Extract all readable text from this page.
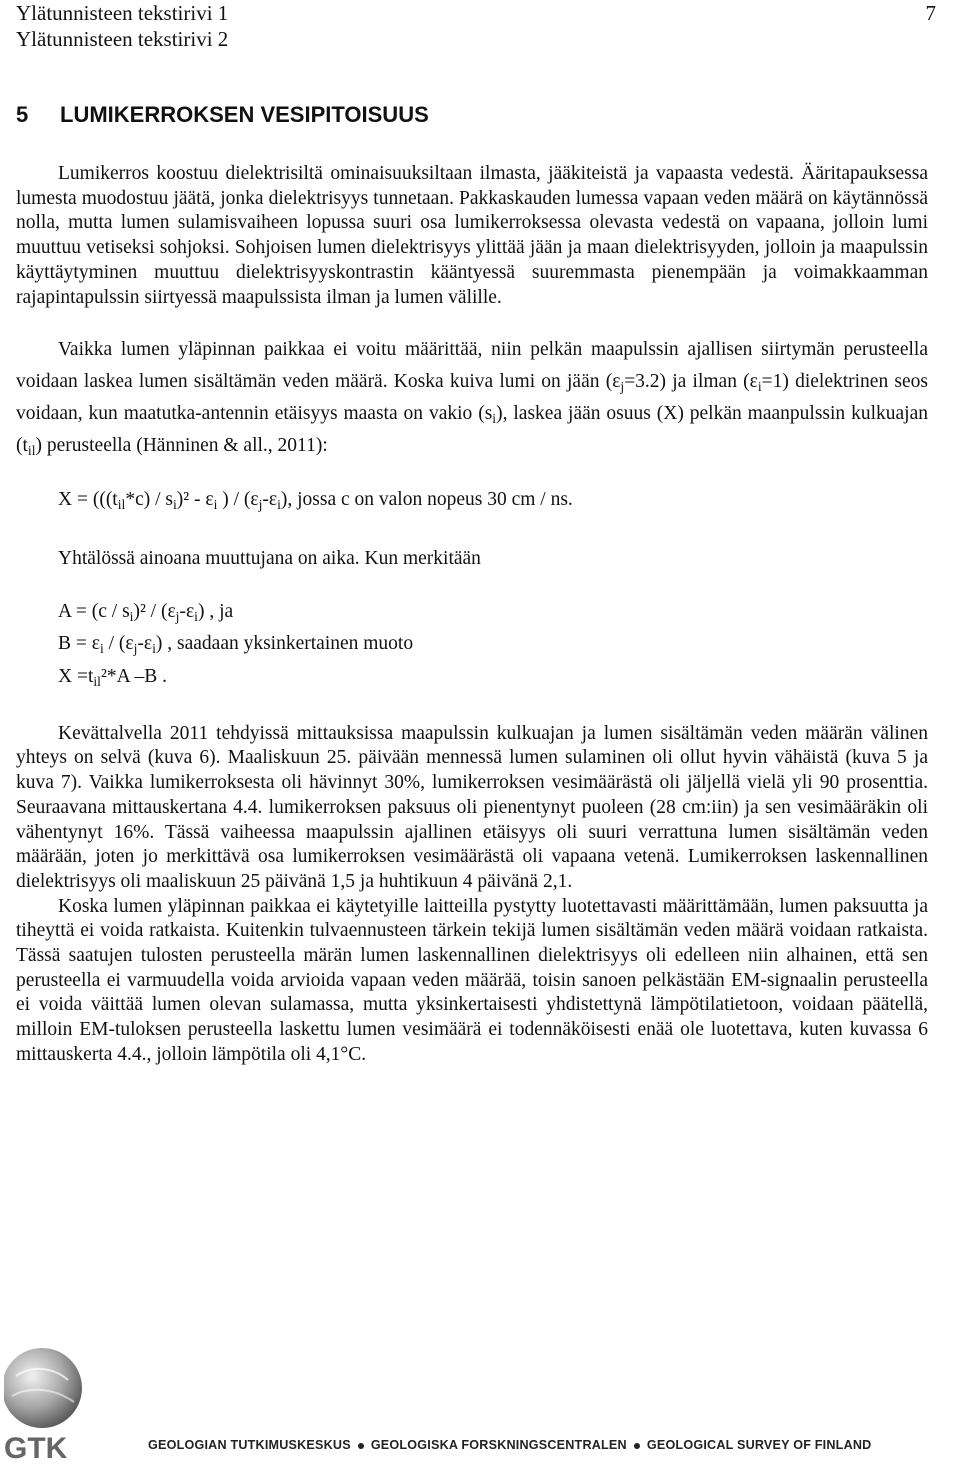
Ylätunnisteen tekstirivi 1
Ylätunnisteen tekstirivi 2
7
5 LUMIKERROKSEN VESIPITOISUUS

Lumikerros koostuu dielektrisiltä ominaisuuksiltaan ilmasta, jääkiteistä ja vapaasta vedestä. Ääritapauksessa lumesta muodostuu jäätä, jonka dielektrisyys tunnetaan. Pakkaskauden lumessa vapaan veden määrä on käytännössä nolla, mutta lumen sulamisvaiheen lopussa suuri osa lumikerroksessa olevasta vedestä on vapaana, jolloin lumi muuttuu vetiseksi sohjoksi. Sohjoisen lumen dielektrisyys ylittää jään ja maan dielektrisyyden, jolloin ja maapulssin käyttäytyminen muuttuu dielektrisyyskontrastin kääntyessä suuremmasta pienempään ja voimakkaamman rajapintapulssin siirtyessä maapulssista ilman ja lumen välille.

Vaikka lumen yläpinnan paikkaa ei voitu määrittää, niin pelkän maapulssin ajallisen siirtymän perusteella voidaan laskea lumen sisältämän veden määrä. Koska kuiva lumi on jään $(\varepsilon_j=3.2)$ ja ilman $(\varepsilon_i=1)$ dielektrinen seos voidaan, kun maatutka-antennin etäisyys maasta on vakio $(s_i)$, laskea jään osuus (X) pelkän maanpulssin kulkuajan $(t_{il})$ perusteella (Hänninen & all., 2011):

$X = (((t_{il}*c) / s_i)^2 - \varepsilon_i$ ) / $(\varepsilon_j-\varepsilon_i)$, jossa c on valon nopeus 30 cm / ns.

Yhtälössä ainoana muuttujana on aika. Kun merkitään

$A = (c / s_i)^2 / (\varepsilon_j-\varepsilon_i)$ , ja

$B = \varepsilon_i / (\varepsilon_j-\varepsilon_i)$ , saadaan yksinkertainen muoto

$X =t_{il}^2*A$ –B .

Kevättalvella 2011 tehdyissä mittauksissa maapulssin kulkuajan ja lumen sisältämän veden määrän välinen yhteys on selvä (kuva 6). Maaliskuun 25. päivään mennessä lumen sulaminen oli ollut hyvin vähäistä (kuva 5 ja kuva 7). Vaikka lumikerroksesta oli hävinnyt 30%, lumikerroksen vesimäärästä oli jäljellä vielä yli 90 prosenttia. Seuraavana mittauskertana 4.4. lumikerroksen paksuus oli pienentynyt puoleen (28 cm:iin) ja sen vesimääräkin oli vähentynyt 16%. Tässä vaiheessa maapulssin ajallinen etäisyys oli suuri verrattuna lumen sisältämän veden määrään, joten jo merkittävä osa lumikerroksen vesimäärästä oli vapaana vetenä. Lumikerroksen laskennallinen dielektrisyys oli maaliskuun 25 päivänä 1,5 ja huhtikuun 4 päivänä 2,1.

Koska lumen yläpinnan paikkaa ei käytetyille laitteilla pystytty luotettavasti määrittämään, lumen paksuutta ja tiheyttä ei voida ratkaista. Kuitenkin tulvaennusteen tärkein tekijä lumen sisältämän veden määrä voidaan ratkaista. Tässä saatujen tulosten perusteella märän lumen laskennallinen dielektrisyys oli edelleen niin alhainen, että sen perusteella ei varmuudella voida arvioida vapaan veden määrää, toisin sanoen pelkästään EM-signaalin perusteella ei voida väittää lumen olevan sulamassa, mutta yksinkertaisesti yhdistettynä lämpötilatietoon, voidaan päätellä, milloin EM-tuloksen perusteella laskettu lumen vesimäärä ei todennäköisesti enää ole luotettava, kuten kuvassa 6 mittauskerta 4.4., jolloin lämpötila oli 4,1°C.

GTK	GEOLOGIAN TUTKIMUSKESKUS GEOLOGISKA FORSKNINGSCENTRALEN GEOLOGICAL SURVEY OF FINLAND
